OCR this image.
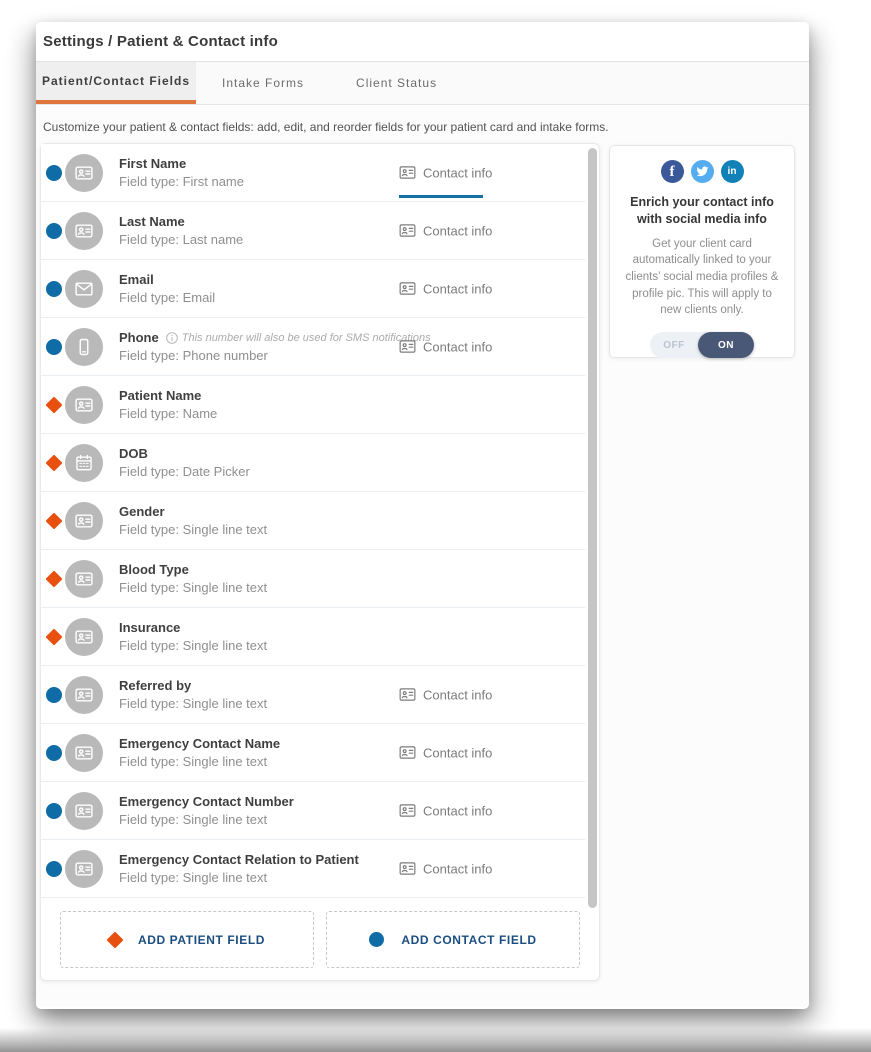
Settings / Patient & Contact info
Patient/Contact Fields	Intake Forms	Client Status
Customize your patient & contact fields: add, edit, and reorder fields for your patient card and intake forms.
First Name
Field type: First name
Contact info
Last Name
Field type: Last name
Contact info
Email
Field type: Email
Contact info
Phone This number will also be used for SMS notifications
Field type: Phone number
Contact info
Patient Name
Field type: Name
DOB
Field type: Date Picker
Gender
Field type: Single line text
Blood Type
Field type: Single line text
Insurance
Field type: Single line text
Referred by
Field type: Single line text
Contact info
Emergency Contact Name
Field type: Single line text
Contact info
Emergency Contact Number
Field type: Single line text
Contact info
Emergency Contact Relation to Patient
Field type: Single line text
Contact info
ADD PATIENT FIELD	ADD CONTACT FIELD
f	in
Enrich your contact info with social media info
Get your client card automatically linked to your clients’ social media profiles & profile pic. This will apply to new clients only.
OFF	ON
